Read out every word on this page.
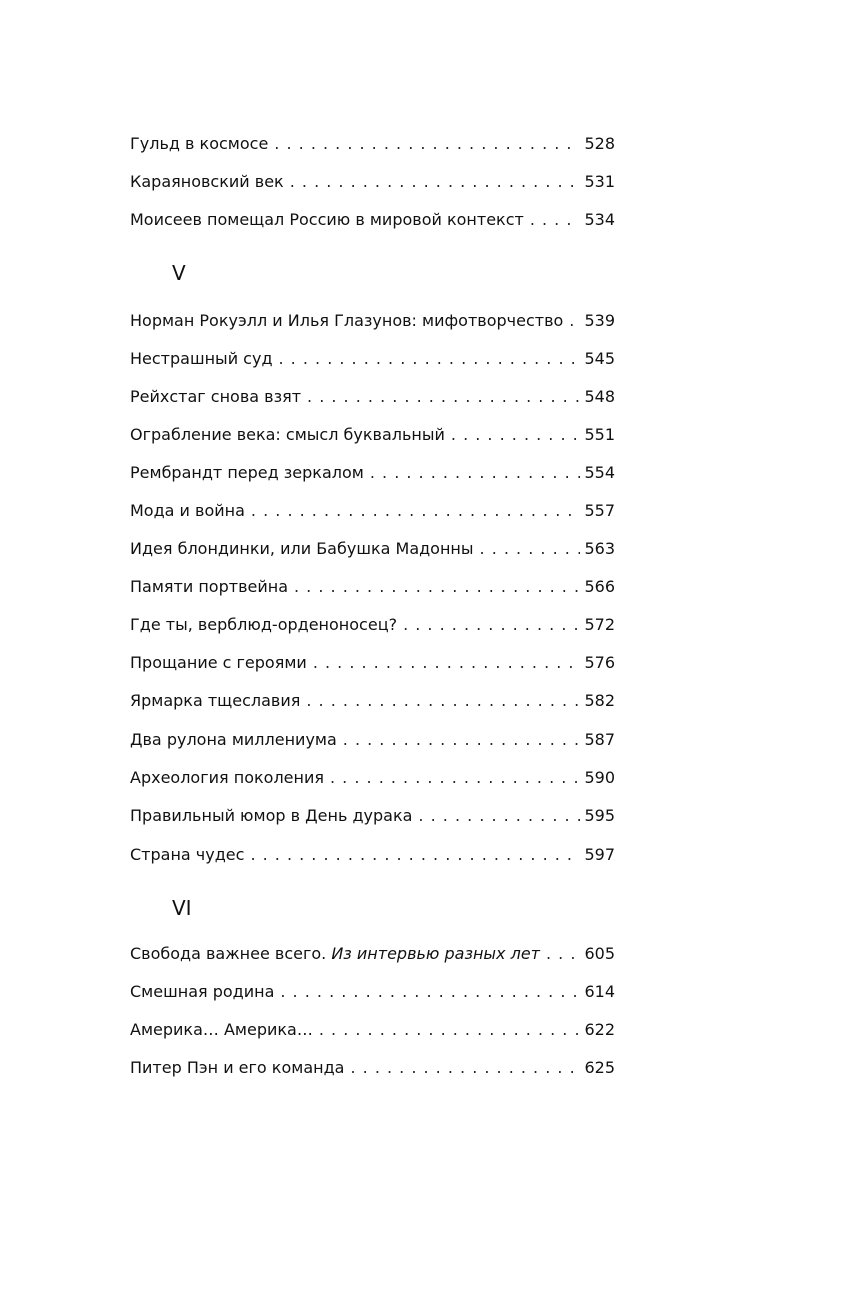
Гульд в космосе . . .	528
Караяновский век . . .	531
Моисеев помещал Россию в мировой контекст . . .	534
V
Норман Рокуэлл и Илья Глазунов: мифотворчество . . . 539
Нестрашный суд . . .	545
Рейхстаг снова взят . . .	548
Ограбление века: смысл буквальный . . .	551
Рембрандт перед зеркалом . . .	554
Мода и война . . .	557
Идея блондинки, или Бабушка Мадонны . . .	563
Памяти портвейна . . .	566
Где ты, верблюд-орденоносец? . . .	572
Прощание с героями . . .	576
Ярмарка тщеславия . . .	582
Два рулона миллениума . . .	587
Археология поколения . . .	590
Правильный юмор в День дурака . . .	595
Страна чудес . . .	597
VI
Свобода важнее всего. Из интервью разных лет . . .	605
Смешная родина . . .	614
Америка… Америка… . . .	622
Питер Пэн и его команда . . .	625
